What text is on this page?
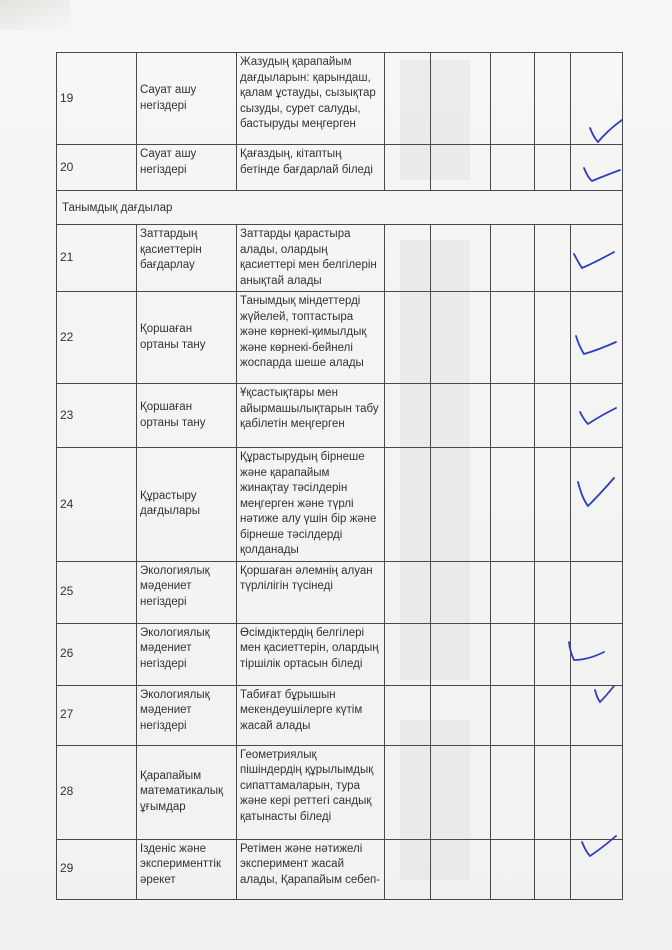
19	Сауат ашу негіздері	Жазудың қарапайым дағдыларын: қарындаш, қалам ұстауды, сызықтар сызуды, сурет салуды, бастыруды меңгерген					
20	Сауат ашу негіздері	Қағаздың, кітаптың бетінде бағдарлай біледі					
Танымдық дағдылар							
21	Заттардың қасиеттерін бағдарлау	Заттарды қарастыра алады, олардың қасиеттері мен белгілерін анықтай алады					
22	Қоршаған ортаны тану	Танымдық міндеттерді жүйелей, топтастыра және көрнекі-қимылдық және көрнекі-бейнелі жоспарда шеше алады					
23	Қоршаған ортаны тану	Ұқсастықтары мен айырмашылықтарын табу қабілетін меңгерген					
24	Құрастыру дағдылары	Құрастырудың бірнеше және қарапайым жинақтау тәсілдерін меңгерген және түрлі нәтиже алу үшін бір және бірнеше тәсілдерді қолданады					
25	Экологиялық мәдениет негіздері	Қоршаған әлемнің алуан түрлілігін түсінеді					
26	Экологиялық мәдениет негіздері	Өсімдіктердің белгілері мен қасиеттерін, олардың тіршілік ортасын біледі					
27	Экологиялық мәдениет негіздері	Табиғат бұрышын мекендеушілерге күтім жасай алады					
28	Қарапайым математикалық ұғымдар	Геометриялық пішіндердің құрылымдық сипаттамаларын, тура және кері реттегі сандық қатынасты біледі					
29	Ізденіс және эксперименттік әрекет	Ретімен және нәтижелі эксперимент жасай алады, Қарапайым себеп-					
